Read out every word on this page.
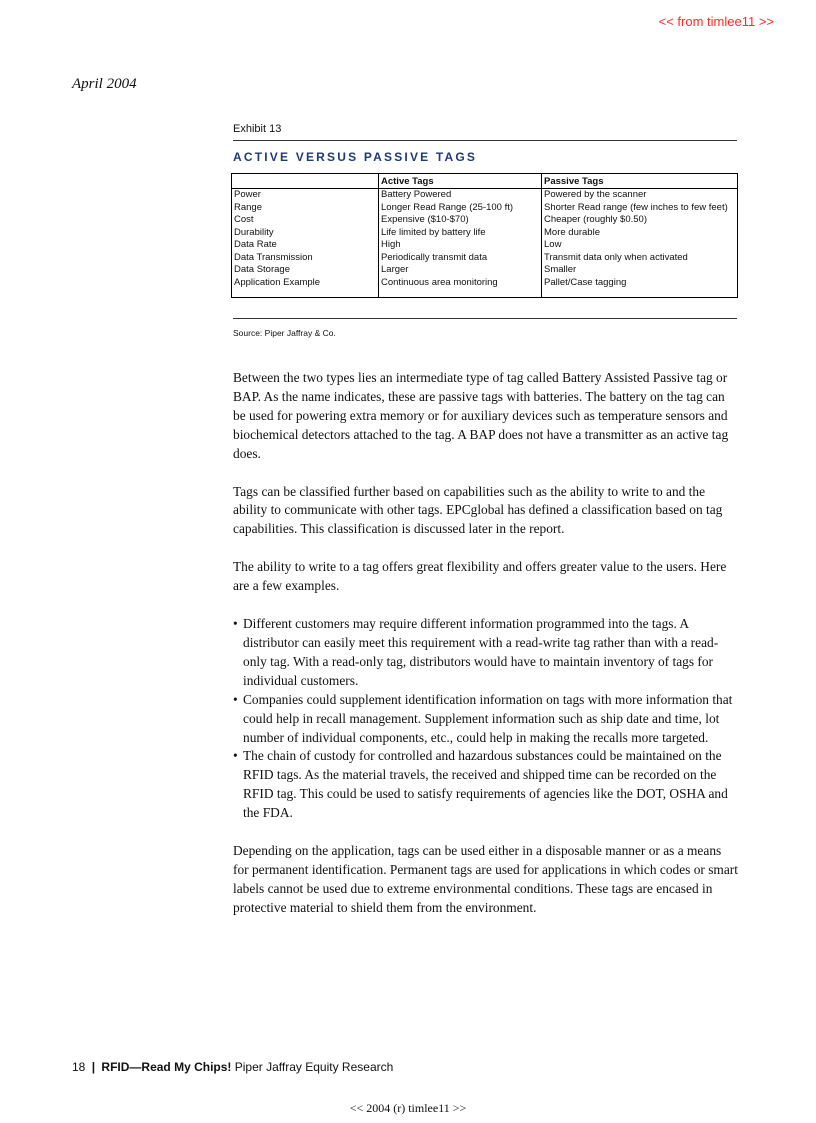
<< from timlee11 >>
April 2004
Exhibit 13
ACTIVE VERSUS PASSIVE TAGS
	Active Tags	Passive Tags
Power	Battery Powered	Powered by the scanner
Range	Longer Read Range (25-100 ft)	Shorter Read range (few inches to few feet)
Cost	Expensive ($10-$70)	Cheaper (roughly $0.50)
Durability	Life limited by battery life	More durable
Data Rate	High	Low
Data Transmission	Periodically transmit data	Transmit data only when activated
Data Storage	Larger	Smaller
Application Example	Continuous area monitoring	Pallet/Case tagging
Source: Piper Jaffray & Co.

Between the two types lies an intermediate type of tag called Battery Assisted Passive tag or BAP. As the name indicates, these are passive tags with batteries. The battery on the tag can be used for powering extra memory or for auxiliary devices such as temperature sensors and biochemical detectors attached to the tag. A BAP does not have a transmitter as an active tag does.

Tags can be classified further based on capabilities such as the ability to write to and the ability to communicate with other tags. EPCglobal has defined a classification based on tag capabilities. This classification is discussed later in the report.

The ability to write to a tag offers great flexibility and offers greater value to the users. Here are a few examples.

• Different customers may require different information programmed into the tags. A distributor can easily meet this requirement with a read-write tag rather than with a read-only tag. With a read-only tag, distributors would have to maintain inventory of tags for individual customers.
• Companies could supplement identification information on tags with more information that could help in recall management. Supplement information such as ship date and time, lot number of individual components, etc., could help in making the recalls more targeted.
• The chain of custody for controlled and hazardous substances could be maintained on the RFID tags. As the material travels, the received and shipped time can be recorded on the RFID tag. This could be used to satisfy requirements of agencies like the DOT, OSHA and the FDA.

Depending on the application, tags can be used either in a disposable manner or as a means for permanent identification. Permanent tags are used for applications in which codes or smart labels cannot be used due to extreme environmental conditions. These tags are encased in protective material to shield them from the environment.

18 | RFID—Read My Chips! Piper Jaffray Equity Research
<< 2004 (r) timlee11 >>
